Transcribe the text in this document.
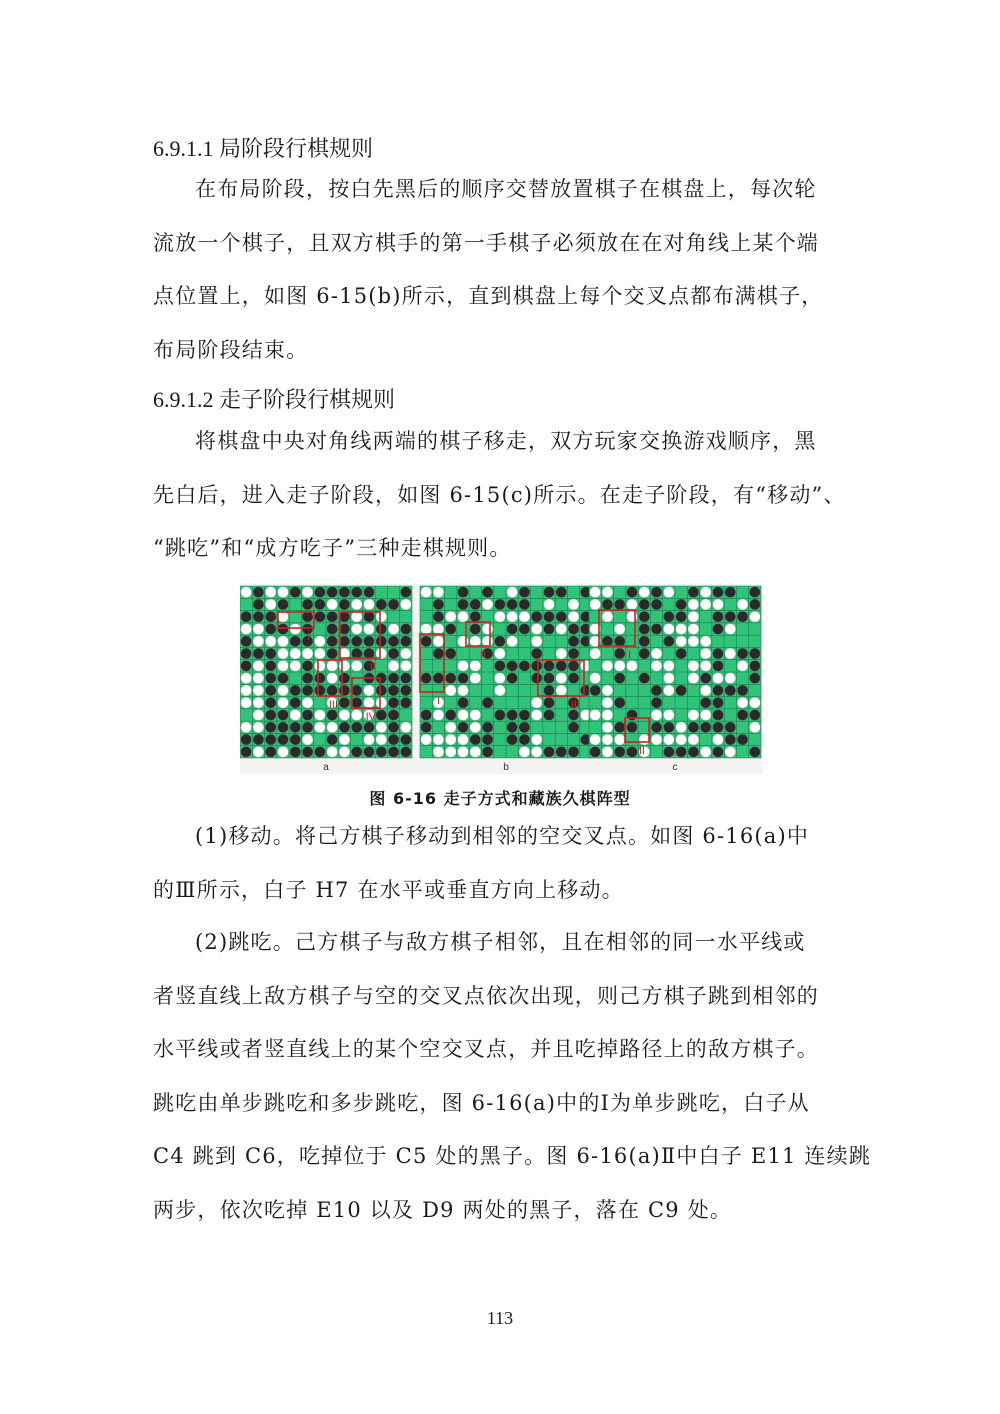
6.9.1.1 局阶段行棋规则
在布局阶段，按白先黑后的顺序交替放置棋子在棋盘上，每次轮
流放一个棋子，且双方棋手的第一手棋子必须放在在对角线上某个端
点位置上，如图 6-15(b)所示，直到棋盘上每个交叉点都布满棋子，
布局阶段结束。
6.9.1.2 走子阶段行棋规则
将棋盘中央对角线两端的棋子移走，双方玩家交换游戏顺序，黑
先白后，进入走子阶段，如图 6-15(c)所示。在走子阶段，有“移动”、
“跳吃”和“成方吃子”三种走棋规则。
I
II
III
IV
a
I
II
III
b
I
II
c
图 6-16 走子方式和藏族久棋阵型
(1)移动。将己方棋子移动到相邻的空交叉点。如图 6-16(a)中
的Ⅲ所示，白子 H7 在水平或垂直方向上移动。
(2)跳吃。己方棋子与敌方棋子相邻，且在相邻的同一水平线或
者竖直线上敌方棋子与空的交叉点依次出现，则己方棋子跳到相邻的
水平线或者竖直线上的某个空交叉点，并且吃掉路径上的敌方棋子。
跳吃由单步跳吃和多步跳吃，图 6-16(a)中的Ⅰ为单步跳吃，白子从
C4 跳到 C6，吃掉位于 C5 处的黑子。图 6-16(a)Ⅱ中白子 E11 连续跳
两步，依次吃掉 E10 以及 D9 两处的黑子，落在 C9 处。
113
